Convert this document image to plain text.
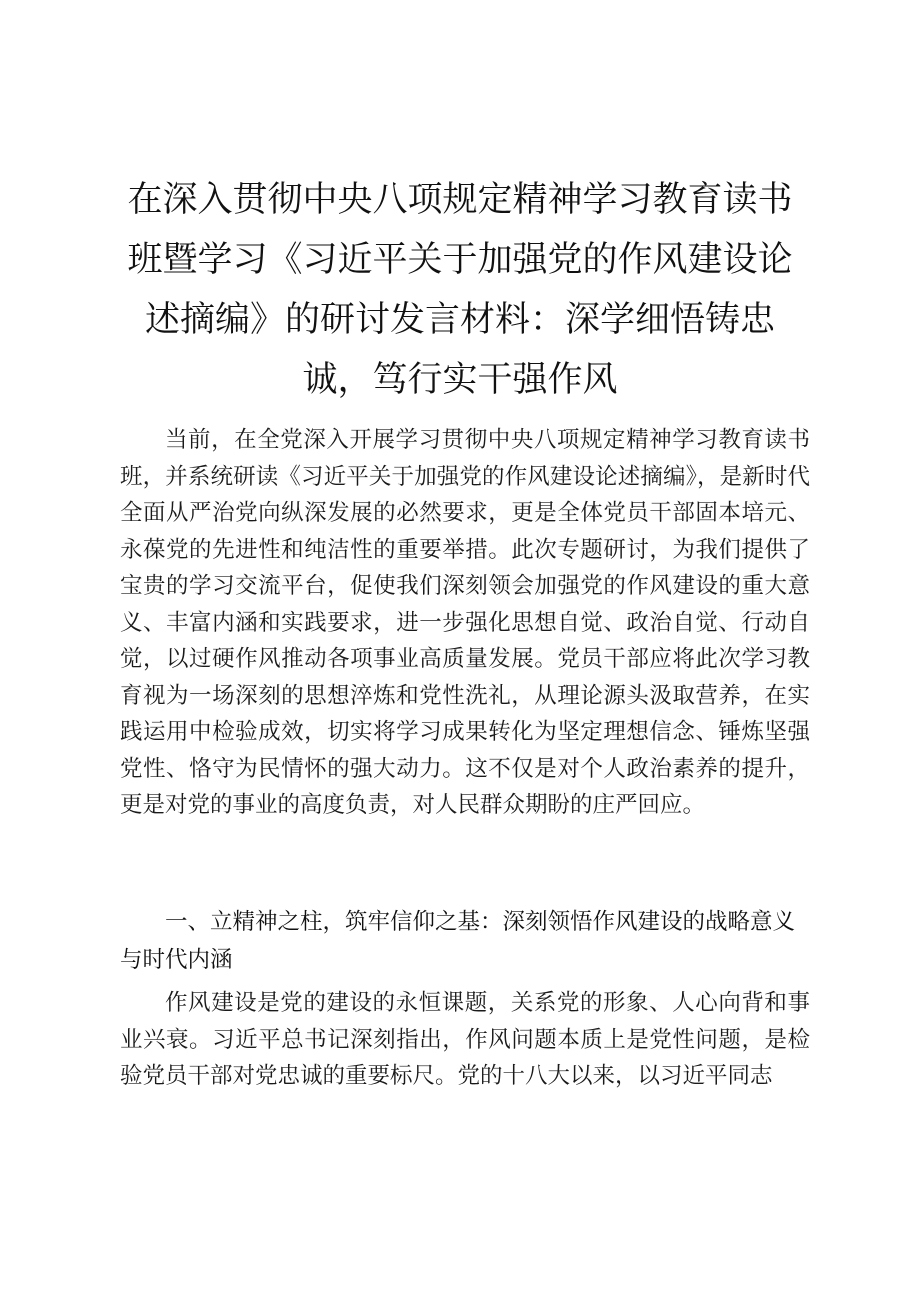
在深入贯彻中央八项规定精神学习教育读书班暨学习《习近平关于加强党的作风建设论述摘编》的研讨发言材料：深学细悟铸忠诚，笃行实干强作风

当前，在全党深入开展学习贯彻中央八项规定精神学习教育读书班，并系统研读《习近平关于加强党的作风建设论述摘编》，是新时代全面从严治党向纵深发展的必然要求，更是全体党员干部固本培元、永葆党的先进性和纯洁性的重要举措。此次专题研讨，为我们提供了宝贵的学习交流平台，促使我们深刻领会加强党的作风建设的重大意义、丰富内涵和实践要求，进一步强化思想自觉、政治自觉、行动自觉，以过硬作风推动各项事业高质量发展。党员干部应将此次学习教育视为一场深刻的思想淬炼和党性洗礼，从理论源头汲取营养，在实践运用中检验成效，切实将学习成果转化为坚定理想信念、锤炼坚强党性、恪守为民情怀的强大动力。这不仅是对个人政治素养的提升，更是对党的事业的高度负责，对人民群众期盼的庄严回应。

一、立精神之柱，筑牢信仰之基：深刻领悟作风建设的战略意义与时代内涵

作风建设是党的建设的永恒课题，关系党的形象、人心向背和事业兴衰。习近平总书记深刻指出，作风问题本质上是党性问题，是检验党员干部对党忠诚的重要标尺。党的十八大以来，以习近平同志
